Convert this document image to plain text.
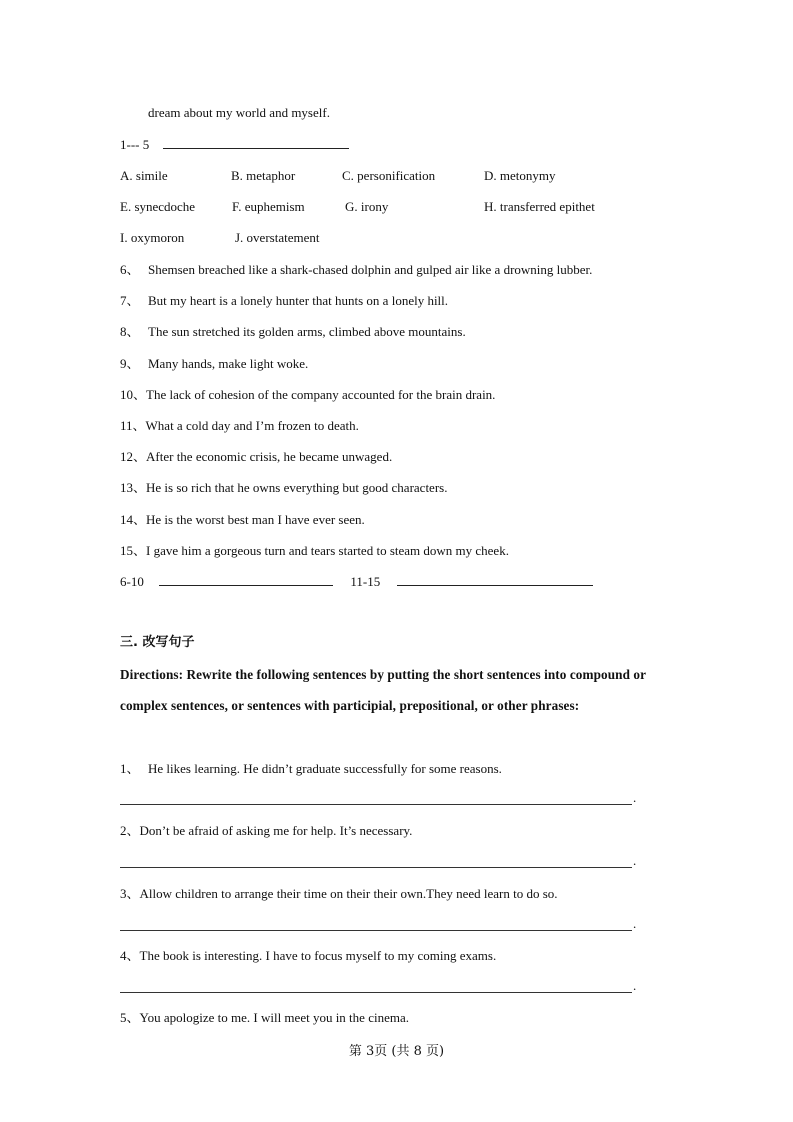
dream about my world and myself.
1--- 5
A. simile	B. metaphor	C. personification	D. metonymy
E. synecdoche	F. euphemism	G. irony	H. transferred epithet
I. oxymoron	J. overstatement
6、 Shemsen breached like a shark-chased dolphin and gulped air like a drowning lubber.
7、 But my heart is a lonely hunter that hunts on a lonely hill.
8、 The sun stretched its golden arms, climbed above mountains.
9、 Many hands, make light woke.
10、The lack of cohesion of the company accounted for the brain drain.
11、What a cold day and I’m frozen to death.
12、After the economic crisis, he became unwaged.
13、He is so rich that he owns everything but good characters.
14、He is the worst best man I have ever seen.
15、I gave him a gorgeous turn and tears started to steam down my cheek.
6-10	11-15
三. 改写句子
Directions: Rewrite the following sentences by putting the short sentences into compound or
complex sentences, or sentences with participial, prepositional, or other phrases:
1、 He likes learning. He didn’t graduate successfully for some reasons.
.
2、Don’t be afraid of asking me for help. It’s necessary.
.
3、Allow children to arrange their time on their their own.They need learn to do so.
.
4、The book is interesting. I have to focus myself to my coming exams.
.
5、You apologize to me. I will meet you in the cinema.
第 3页 (共 8 页)
